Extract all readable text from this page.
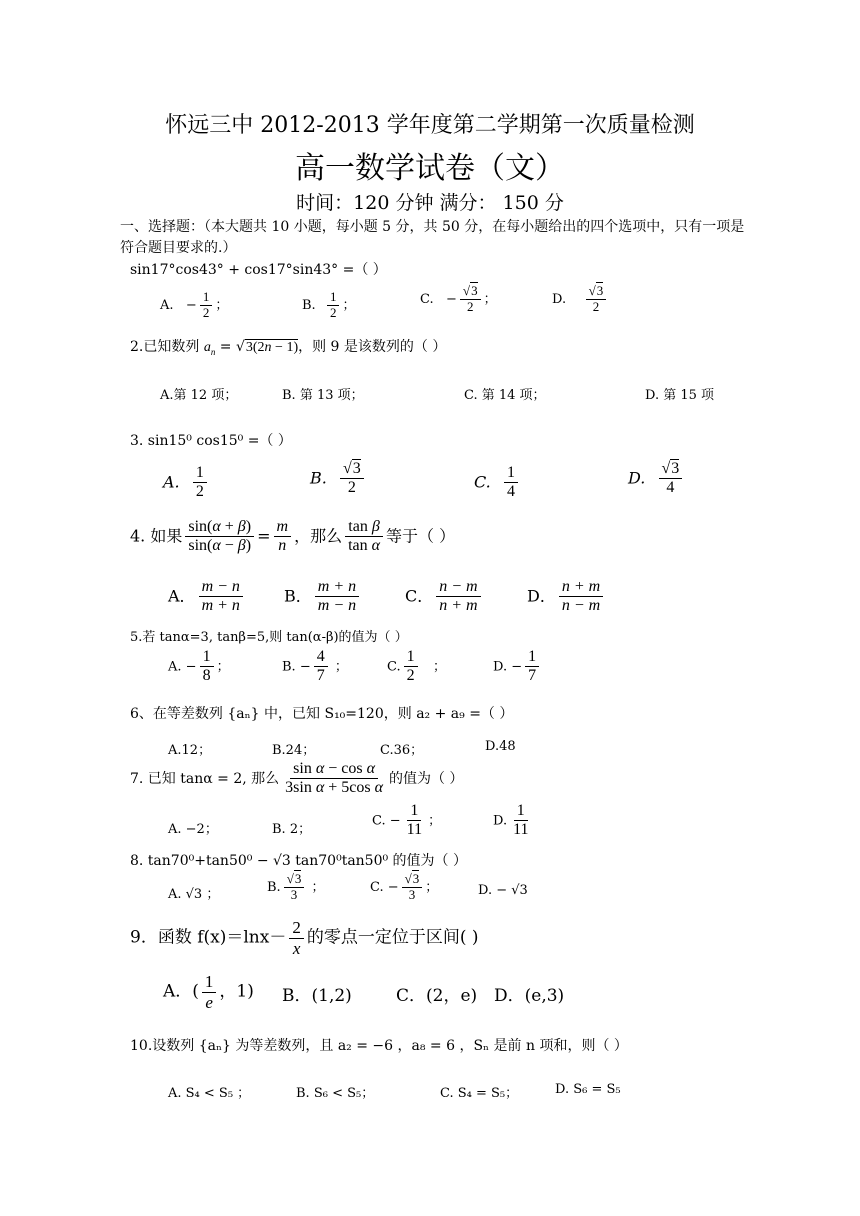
怀远三中 2012-2013 学年度第二学期第一次质量检测
高一数学试卷（文）
时间：120 分钟 满分： 150 分
一、选择题：（本大题共 10 小题，每小题 5 分，共 50 分，在每小题给出的四个选项中，只有一项是符合题目要求的.）
sin17°cos43° + cos17°sin43° =（ ）
A.   − $\frac{1}{2}$ ；	B. $\frac{1}{2}$ ；	C.   − $\frac{√3}{2}$ ；	D. $\frac{√3}{2}$
2.已知数列 $a_n = √3(2n - 1)$，则 9 是该数列的（ ）
A.第 12 项；	B. 第 13 项；	C. 第 14 项；	D. 第 15 项
3. sin15⁰ cos15⁰ =（ ）
A. $\frac{1}{2}$	B. $\frac{√3}{2}$	C. $\frac{1}{4}$	D. $\frac{√3}{4}$
4. 如果 $\frac{\sin(\alpha + \beta)}{\sin(\alpha - \beta)} = \frac{m}{n}$ ，那么 $\frac{\text{tan β}}{\text{tan α}}$ 等于（ ）
A． $\frac{m - n}{m + n}$	B． $\frac{m + n}{m - n}$	C． $\frac{n - m}{n + m}$	D． $\frac{n + m}{n - m}$
5.若 tanα=3, tanβ=5,则 tan(α-β)的值为（ ）
A. − $\frac{1}{8}$ ；	B. − $\frac{4}{7}$ ；	C. $\frac{1}{2}$ ；	D. − $\frac{1}{7}$
6、在等差数列 {aₙ} 中，已知 S₁₀=120，则 a₂ + a₉ =（ ）
A.12；	B.24；	C.36；	D.48
7. 已知 tanα = 2, 那么 $\frac{\text{sin α − cos α}}{\text{3sin α + 5cos α}}$ 的值为（ ）
A. −2；	B. 2；
C. − $\frac{1}{11}$ ；	D. $\frac{1}{11}$
8. tan70⁰+tan50⁰ − √3 tan70⁰tan50⁰ 的值为（ ）
A. √3 ；	B. $\frac{√3}{3}$ ；	C. − $\frac{√3}{3}$ ；	D. − √3
9．函数 $f(x)=\ln x- \frac{2}{x}$ 的零点一定位于区间( )
A．( $\frac{1}{e}$ ，1) B．(1,2)	C．(2，e) D．(e,3)
10.设数列 {aₙ} 为等差数列，且 a₂ = −6 ，a₈ = 6 ，Sₙ 是前 n 项和，则（ ）
A. S₄ < S₅ ；	B. S₆ < S₅；	C. S₄ = S₅；	D. S₆ = S₅
